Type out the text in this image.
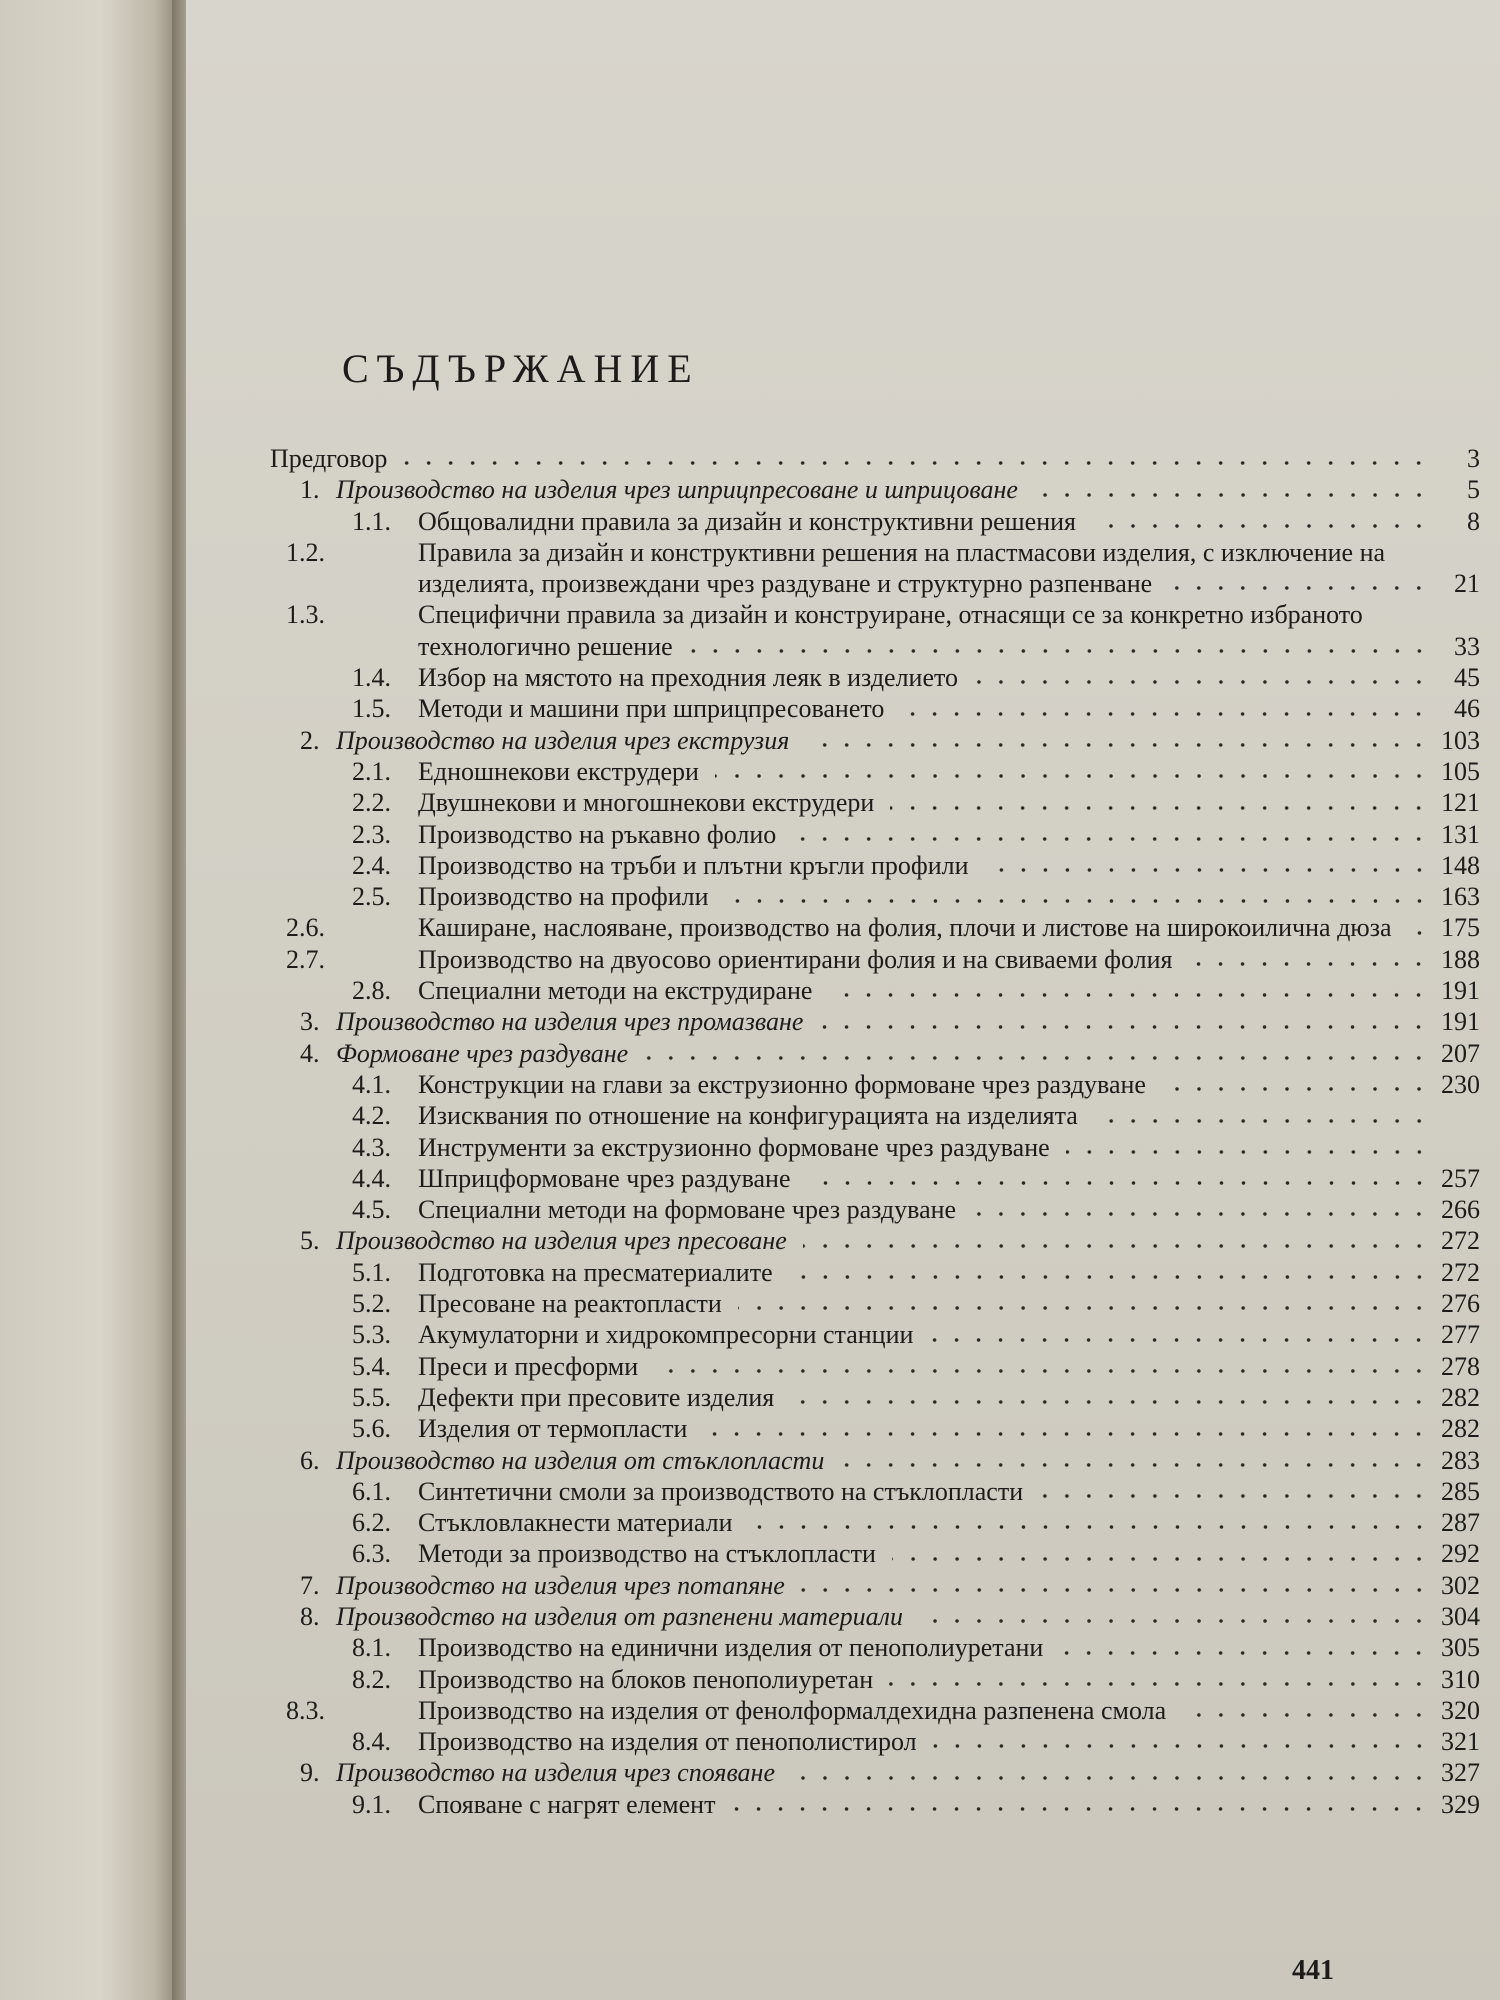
СЪДЪРЖАНИЕ
Предговор	3
1. Производство на изделия чрез шприцпресоване и шприцоване	5
1.1. Общовалидни правила за дизайн и конструктивни решения	8
1.2.	Правила за дизайн и конструктивни решения на пластмасови изделия, с изключение на изделията, произвеждани чрез раздуване и структурно разпенване	21
1.3.	Специфични правила за дизайн и конструиране, отнасящи се за конкретно избраното технологично решение	33
1.4. Избор на мястото на преходния леяк в изделието	45
1.5. Методи и машини при шприцпресоването	46
2. Производство на изделия чрез екструзия	103
2.1. Едношнекови екструдери	105
2.2. Двушнекови и многошнекови екструдери	121
2.3. Производство на ръкавно фолио	131
2.4. Производство на тръби и плътни кръгли профили	148
2.5. Производство на профили	163
2.6.	Каширане, наслояване, производство на фолия, плочи и листове на широкоилична дюза	175
2.7.	Производство на двуосово ориентирани фолия и на свиваеми фолия	188
2.8. Специални методи на екструдиране	191
3. Производство на изделия чрез промазване	191
4. Формоване чрез раздуване	207
4.1. Конструкции на глави за екструзионно формоване чрез раздуване	230
4.2. Изисквания по отношение на конфигурацията на изделията
4.3. Инструменти за екструзионно формоване чрез раздуване
4.4. Шприцформоване чрез раздуване	257
4.5. Специални методи на формоване чрез раздуване	266
5. Производство на изделия чрез пресоване	272
5.1. Подготовка на пресматериалите	272
5.2. Пресоване на реактопласти	276
5.3. Акумулаторни и хидрокомпресорни станции	277
5.4. Преси и пресформи	278
5.5. Дефекти при пресовите изделия	282
5.6. Изделия от термопласти	282
6. Производство на изделия от стъклопласти	283
6.1. Синтетични смоли за производството на стъклопласти	285
6.2. Стъкловлакнести материали	287
6.3. Методи за производство на стъклопласти	292
7. Производство на изделия чрез потапяне	302
8. Производство на изделия от разпенени материали	304
8.1. Производство на единични изделия от пенополиуретани	305
8.2. Производство на блоков пенополиуретан	310
8.3.	Производство на изделия от фенолформалдехидна разпенена смола	320
8.4. Производство на изделия от пенополистирол	321
9. Производство на изделия чрез спояване	327
9.1. Спояване с нагрят елемент	329
441
